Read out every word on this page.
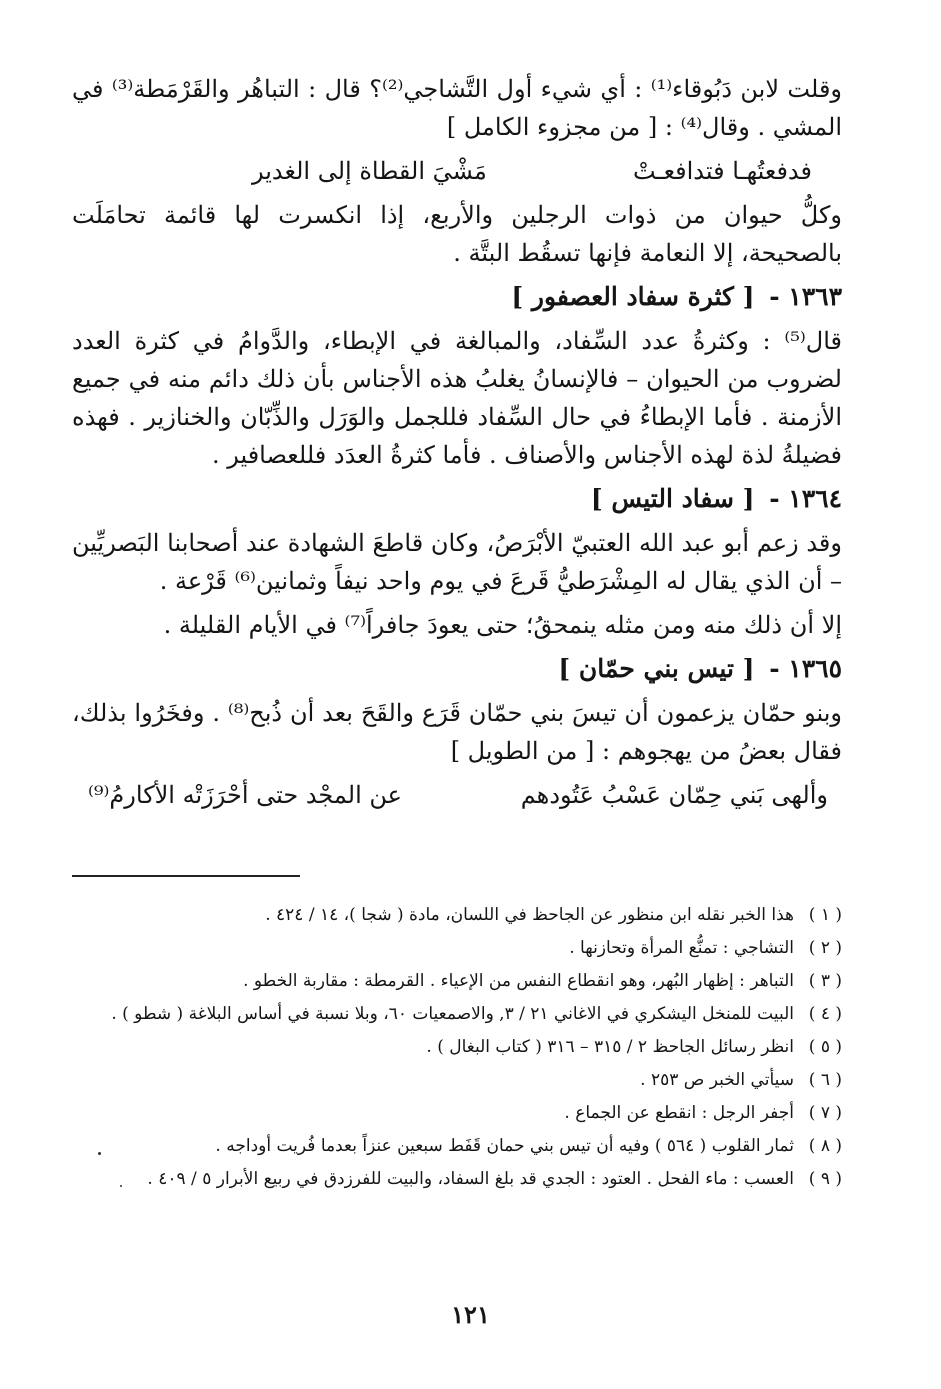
وقلت لابن دَبُوقاء⁽¹⁾ : أي شيء أول التَّشاجي⁽²⁾؟ قال : التباهُر والقَرْمَطة⁽³⁾ في المشي . وقال⁽⁴⁾ : [ من مجزوء الكامل ]

فدفعتُهـا فتدافعـتْ
مَشْيَ القطاة إلى الغدير

وكلُّ حيوان من ذوات الرجلين والأربع، إذا انكسرت لها قائمة تحامَلَت بالصحيحة، إلا النعامة فإنها تسقُط البتَّة .

١٣٦٣ - [ كثرة سفاد العصفور ]

قال⁽⁵⁾ : وكثرةُ عدد السِّفاد، والمبالغة في الإبطاء، والدَّوامُ في كثرة العدد لضروب من الحيوان – فالإنسانُ يغلبُ هذه الأجناس بأن ذلك دائم منه في جميع الأزمنة . فأما الإبطاءُ في حال السِّفاد فللجمل والوَرَل والذِّبّان والخنازير . فهذه فضيلةُ لذة لهذه الأجناس والأصناف . فأما كثرةُ العدَد فللعصافير .

١٣٦٤ - [ سفاد التيس ]

وقد زعم أبو عبد الله العتبيّ الأبْرَصُ، وكان قاطعَ الشهادة عند أصحابنا البَصريِّين – أن الذي يقال له المِشْرَطيُّ قَرعَ في يوم واحد نيفاً وثمانين⁽⁶⁾ قَرْعة .

إلا أن ذلك منه ومن مثله ينمحقُ؛ حتى يعودَ جافراً⁽⁷⁾ في الأيام القليلة .

١٣٦٥ - [ تيس بني حمّان ]

وبنو حمّان يزعمون أن تيسَ بني حمّان قَرَع والقَحَ بعد أن ذُبح⁽⁸⁾ . وفخَرُوا بذلك، فقال بعضُ من يهجوهم : [ من الطويل ]

وألهى بَني حِمّان عَسْبُ عَتُودهم
عن المجْد حتى أحْرَزَتْه الأكارمُ⁽⁹⁾
( ١ )
هذا الخبر نقله ابن منظور عن الجاحظ في اللسان، مادة ( شجا )، ١٤ / ٤٢٤ .
( ٢ )
التشاجي : تمنُّع المرأة وتحازنها .
( ٣ )
التباهر : إظهار البُهر، وهو انقطاع النفس من الإعياء . القرمطة : مقاربة الخطو .
( ٤ )
البيت للمنخل اليشكري في الاغاني ٢١ / ٣, والاصمعيات ٦٠، وبلا نسبة في أساس البلاغة ( شطو ) .
( ٥ )
انظر رسائل الجاحظ ٢ / ٣١٥ – ٣١٦ ( كتاب البغال ) .
( ٦ )
سيأتي الخبر ص ٢٥٣ .
( ٧ )
أجفر الرجل : انقطع عن الجماع .
( ٨ )
ثمار القلوب ( ٥٦٤ ) وفيه أن تيس بني حمان قَفَط سبعين عنزاً بعدما فُريت أوداجه .
( ٩ )
العسب : ماء الفحل . العتود : الجدي قد بلغ السفاد، والبيت للفرزدق في ربيع الأبرار ٥ / ٤٠٩ .
١٢١
